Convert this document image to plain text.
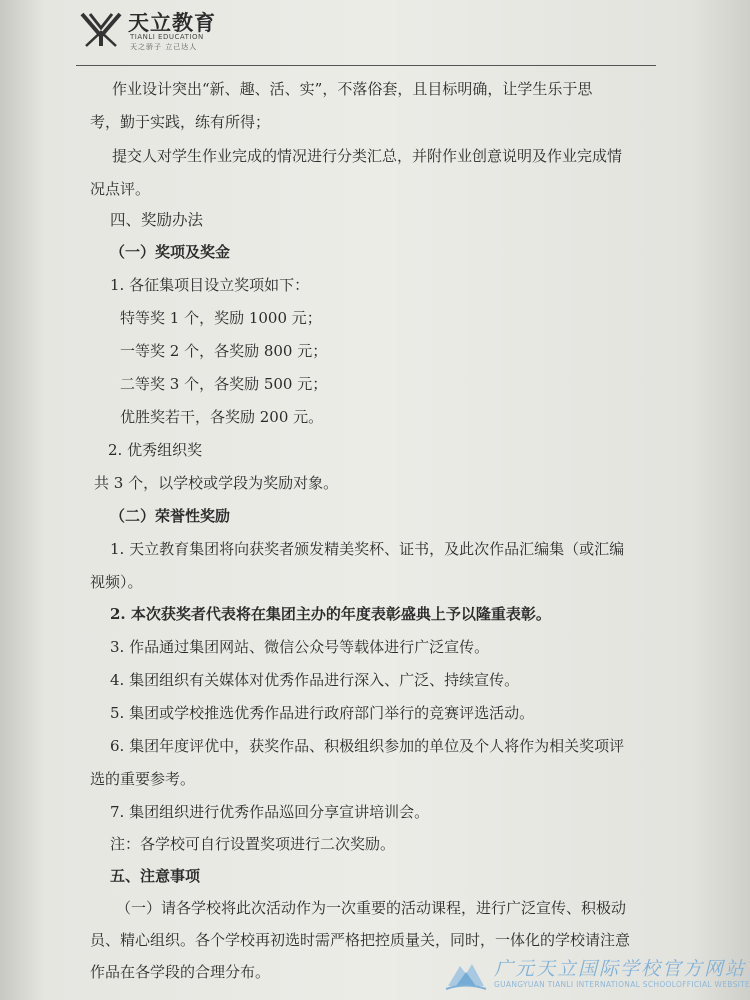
天立教育
TIANLI EDUCATION
天之骄子 立己达人
作业设计突出“新、趣、活、实”，不落俗套，且目标明确，让学生乐于思
考，勤于实践，练有所得；
提交人对学生作业完成的情况进行分类汇总，并附作业创意说明及作业完成情
况点评。
四、奖励办法
（一）奖项及奖金
1. 各征集项目设立奖项如下：
特等奖 1 个，奖励 1000 元；
一等奖 2 个，各奖励 800 元；
二等奖 3 个，各奖励 500 元；
优胜奖若干，各奖励 200 元。
2. 优秀组织奖
共 3 个，以学校或学段为奖励对象。
（二）荣誉性奖励
1. 天立教育集团将向获奖者颁发精美奖杯、证书，及此次作品汇编集（或汇编
视频）。
2. 本次获奖者代表将在集团主办的年度表彰盛典上予以隆重表彰。
3. 作品通过集团网站、微信公众号等载体进行广泛宣传。
4. 集团组织有关媒体对优秀作品进行深入、广泛、持续宣传。
5. 集团或学校推选优秀作品进行政府部门举行的竞赛评选活动。
6. 集团年度评优中，获奖作品、积极组织参加的单位及个人将作为相关奖项评
选的重要参考。
7. 集团组织进行优秀作品巡回分享宣讲培训会。
注：各学校可自行设置奖项进行二次奖励。
五、注意事项
（一）请各学校将此次活动作为一次重要的活动课程，进行广泛宣传、积极动
员、精心组织。各个学校再初选时需严格把控质量关，同时，一体化的学校请注意
作品在各学段的合理分布。	广元天立国际学校官方网站
GUANGYUAN TIANLI INTERNATIONAL SCHOOLOFFICIAL WEBSITE
